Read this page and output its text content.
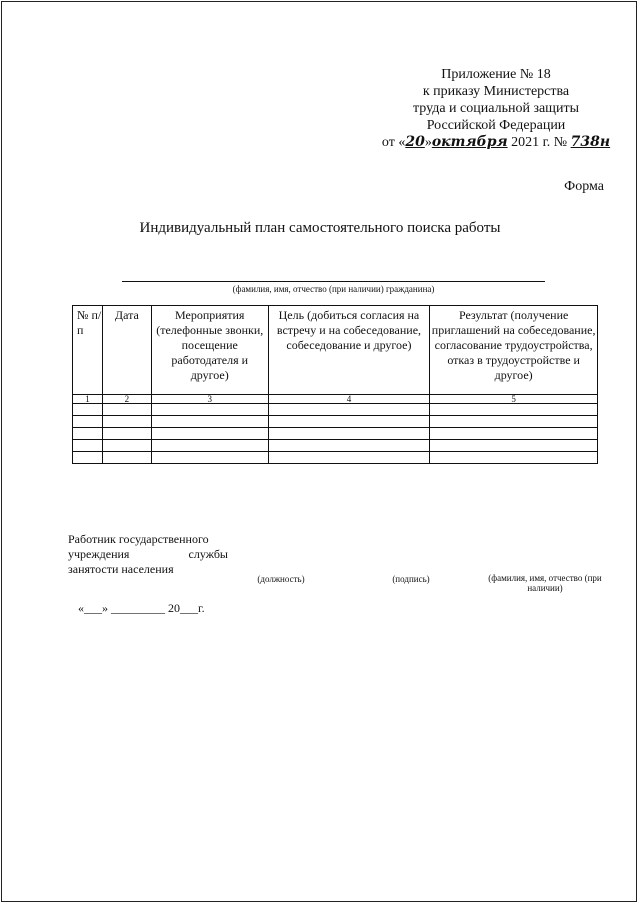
Приложение № 18
к приказу Министерства
труда и социальной защиты
Российской Федерации
от «20»октября 2021 г. № 738н
Форма
Индивидуальный план самостоятельного поиска работы
(фамилия, имя, отчество (при наличии) гражданина)
№ п/п	Дата	Мероприятия (телефонные звонки, посещение работодателя и другое)	Цель (добиться согласия на встречу и на собеседование, собеседование и другое)	Результат (получение приглашений на собеседование, согласование трудоустройства, отказ в трудоустройстве и другое)
1	2	3	4	5

Работник государственного
учреждения	службы
занятости населения
(должность)	(подпись)	(фамилия, имя, отчество (при наличии)
«___» _________ 20___г.
